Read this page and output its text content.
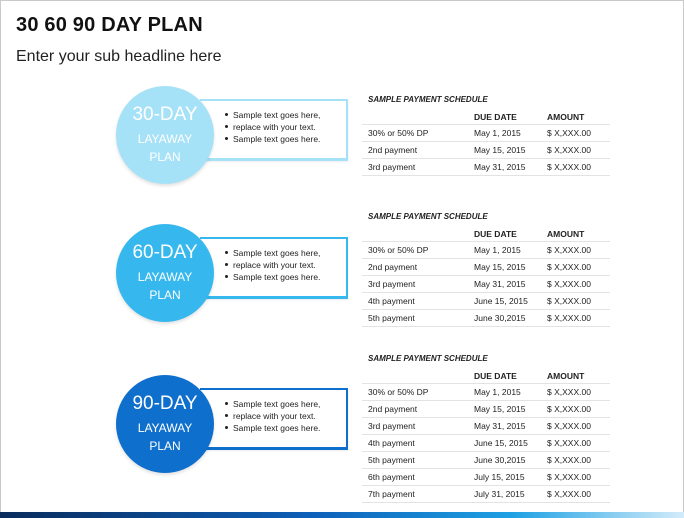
30 60 90 DAY PLAN
Enter your sub headline here
Sample text goes here,
replace with your text.
Sample text goes here.
30-DAY
LAYAWAY
PLAN
Sample text goes here,
replace with your text.
Sample text goes here.
60-DAY
LAYAWAY
PLAN
Sample text goes here,
replace with your text.
Sample text goes here.
90-DAY
LAYAWAY
PLAN
SAMPLE PAYMENT SCHEDULE
	DUE DATE	AMOUNT
30% or 50% DP	May 1, 2015	$ X,XXX.00
2nd payment	May 15, 2015	$ X,XXX.00
3rd payment	May 31, 2015	$ X,XXX.00
SAMPLE PAYMENT SCHEDULE
	DUE DATE	AMOUNT
30% or 50% DP	May 1, 2015	$ X,XXX.00
2nd payment	May 15, 2015	$ X,XXX.00
3rd payment	May 31, 2015	$ X,XXX.00
4th payment	June 15, 2015	$ X,XXX.00
5th payment	June 30,2015	$ X,XXX.00
SAMPLE PAYMENT SCHEDULE
	DUE DATE	AMOUNT
30% or 50% DP	May 1, 2015	$ X,XXX.00
2nd payment	May 15, 2015	$ X,XXX.00
3rd payment	May 31, 2015	$ X,XXX.00
4th payment	June 15, 2015	$ X,XXX.00
5th payment	June 30,2015	$ X,XXX.00
6th payment	July 15, 2015	$ X,XXX.00
7th payment	July 31, 2015	$ X,XXX.00
